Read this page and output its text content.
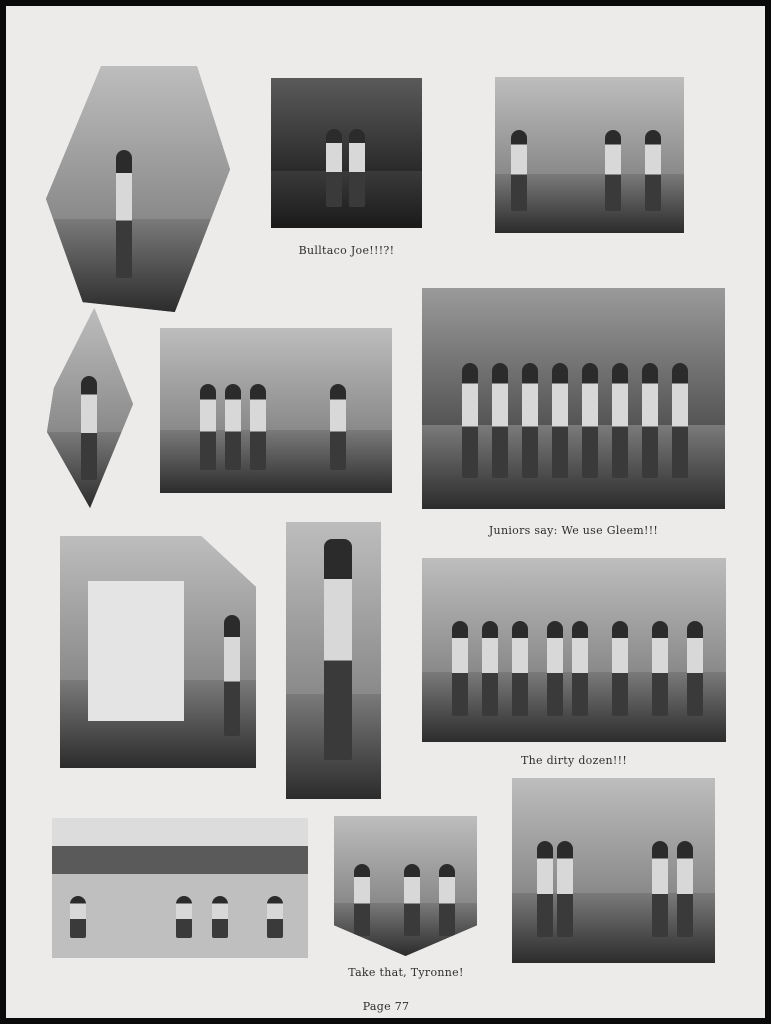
Bulltaco Joe!!!?!
Juniors say: We use Gleem!!!
The dirty dozen!!!
Take that, Tyronne!
Page 77
